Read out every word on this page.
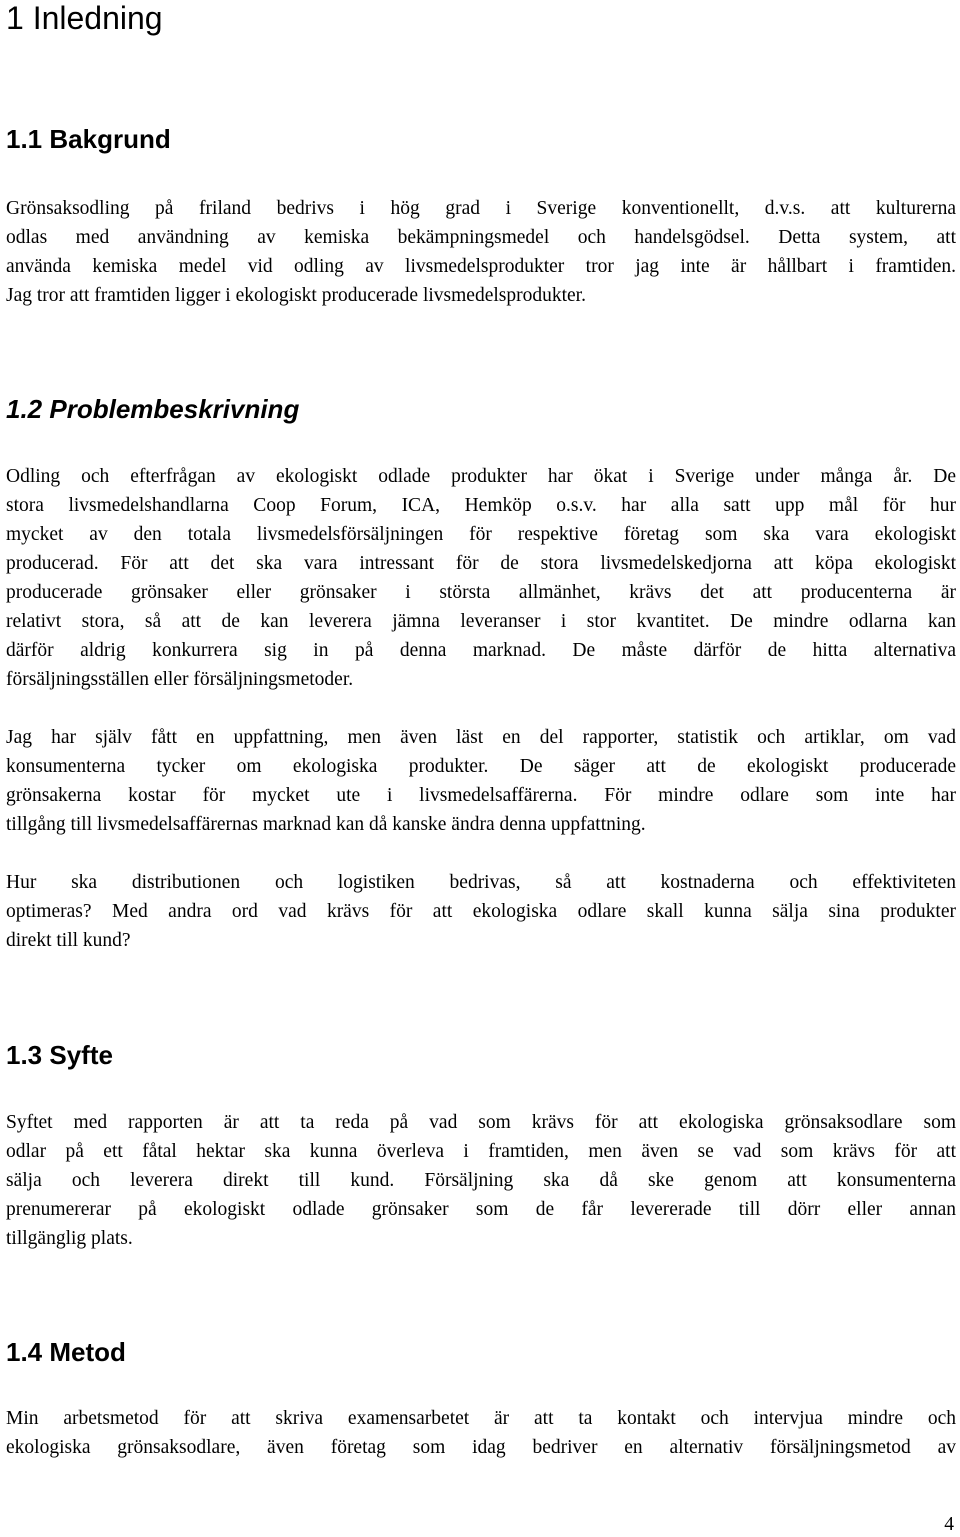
1 Inledning
1.1 Bakgrund
Grönsaksodling på friland bedrivs i hög grad i Sverige konventionellt, d.v.s. att kulturerna
odlas med användning av kemiska bekämpningsmedel och handelsgödsel. Detta system, att
använda kemiska medel vid odling av livsmedelsprodukter tror jag inte är hållbart i framtiden.
Jag tror att framtiden ligger i ekologiskt producerade livsmedelsprodukter.
1.2 Problembeskrivning
Odling och efterfrågan av ekologiskt odlade produkter har ökat i Sverige under många år. De
stora livsmedelshandlarna Coop Forum, ICA, Hemköp o.s.v. har alla satt upp mål för hur
mycket av den totala livsmedelsförsäljningen för respektive företag som ska vara ekologiskt
producerad. För att det ska vara intressant för de stora livsmedelskedjorna att köpa ekologiskt
producerade grönsaker eller grönsaker i största allmänhet, krävs det att producenterna är
relativt stora, så att de kan leverera jämna leveranser i stor kvantitet. De mindre odlarna kan
därför aldrig konkurrera sig in på denna marknad. De måste därför de hitta alternativa
försäljningsställen eller försäljningsmetoder.
Jag har själv fått en uppfattning, men även läst en del rapporter, statistik och artiklar, om vad
konsumenterna tycker om ekologiska produkter. De säger att de ekologiskt producerade
grönsakerna kostar för mycket ute i livsmedelsaffärerna. För mindre odlare som inte har
tillgång till livsmedelsaffärernas marknad kan då kanske ändra denna uppfattning.
Hur ska distributionen och logistiken bedrivas, så att kostnaderna och effektiviteten
optimeras? Med andra ord vad krävs för att ekologiska odlare skall kunna sälja sina produkter
direkt till kund?
1.3 Syfte
Syftet med rapporten är att ta reda på vad som krävs för att ekologiska grönsaksodlare som
odlar på ett fåtal hektar ska kunna överleva i framtiden, men även se vad som krävs för att
sälja och leverera direkt till kund. Försäljning ska då ske genom att konsumenterna
prenumererar på ekologiskt odlade grönsaker som de får levererade till dörr eller annan
tillgänglig plats.
1.4 Metod
Min arbetsmetod för att skriva examensarbetet är att ta kontakt och intervjua mindre och
ekologiska grönsaksodlare, även företag som idag bedriver en alternativ försäljningsmetod av
4
